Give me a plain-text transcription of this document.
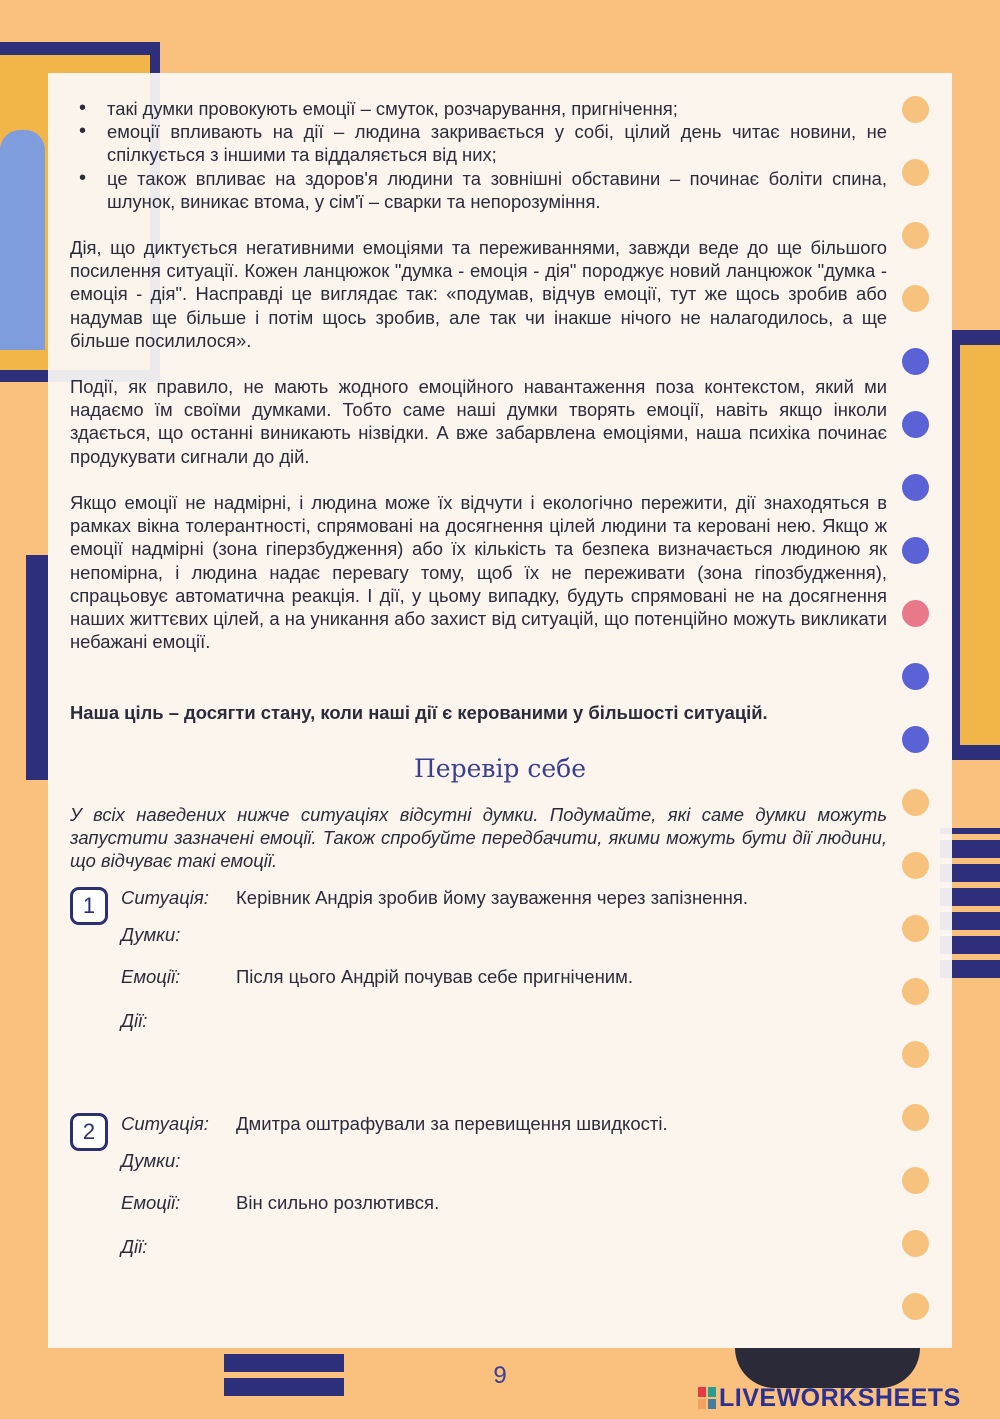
• такі думки провокують емоції – смуток, розчарування, пригнічення;
• емоції впливають на дії – людина закривається у собі, цілий день читає новини, не спілкується з іншими та віддаляється від них;
• це також впливає на здоров'я людини та зовнішні обставини – починає боліти спина, шлунок, виникає втома, у сім'ї – сварки та непорозуміння.

Дія, що диктується негативними емоціями та переживаннями, завжди веде до ще більшого посилення ситуації. Кожен ланцюжок "думка - емоція - дія" породжує новий ланцюжок "думка - емоція - дія". Насправді це виглядає так: «подумав, відчув емоції, тут же щось зробив або надумав ще більше і потім щось зробив, але так чи інакше нічого не налагодилось, а ще більше посилилося».

Події, як правило, не мають жодного емоційного навантаження поза контекстом, який ми надаємо їм своїми думками. Тобто саме наші думки творять емоції, навіть якщо інколи здається, що останні виникають нізвідки. А вже забарвлена емоціями, наша психіка починає продукувати сигнали до дій.

Якщо емоції не надмірні, і людина може їх відчути і екологічно пережити, дії знаходяться в рамках вікна толерантності, спрямовані на досягнення цілей людини та керовані нею. Якщо ж емоції надмірні (зона гіперзбудження) або їх кількість та безпека визначається людиною як непомірна, і людина надає перевагу тому, щоб їх не переживати (зона гіпозбудження), спрацьовує автоматична реакція. І дії, у цьому випадку, будуть спрямовані не на досягнення наших життєвих цілей, а на уникання або захист від ситуацій, що потенційно можуть викликати небажані емоції.

Наша ціль – досягти стану, коли наші дії є керованими у більшості ситуацій.

Перевір себе

У всіх наведених нижче ситуаціях відсутні думки. Подумайте, які саме думки можуть запустити зазначені емоції. Також спробуйте передбачити, якими можуть бути дії людини, що відчуває такі емоції.

1	Ситуація: Керівник Андрія зробив йому зауваження через запізнення.
Думки:
Емоції:	Після цього Андрій почував себе пригніченим.
Дії:
2	Ситуація: Дмитра оштрафували за перевищення швидкості.
Думки:
Емоції:	Він сильно розлютився.
Дії:
9
LIVEWORKSHEETS
